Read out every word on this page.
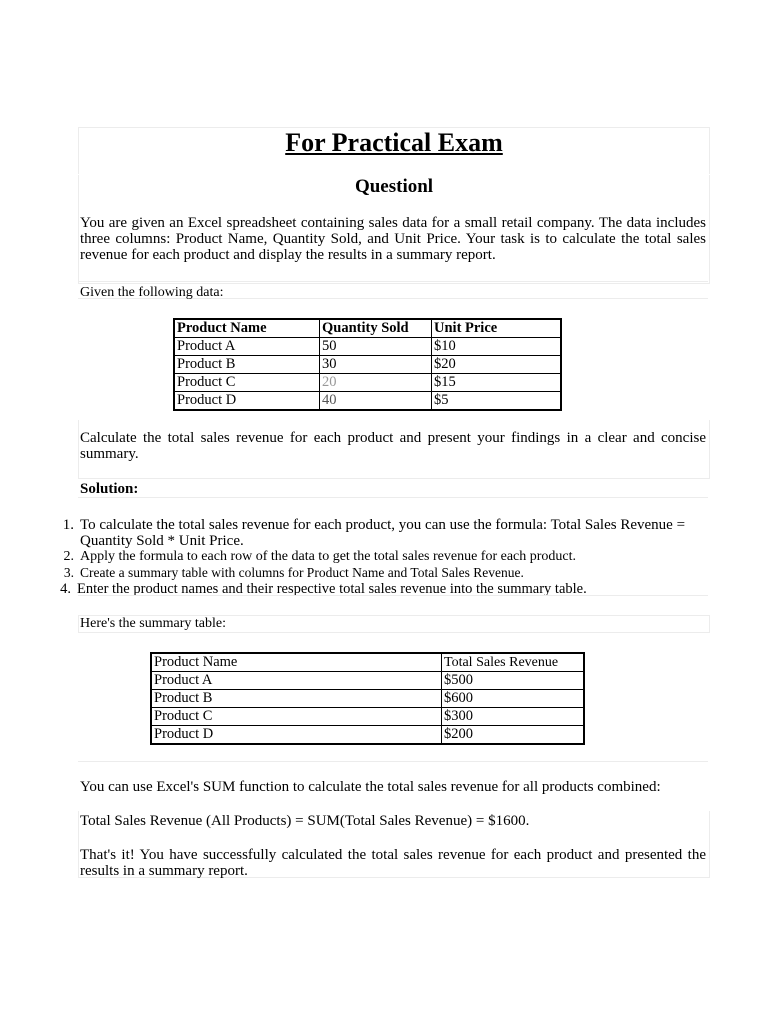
For Practical Exam
Questionl
You are given an Excel spreadsheet containing sales data for a small retail company. The data includes three columns: Product Name, Quantity Sold, and Unit Price. Your task is to calculate the total sales revenue for each product and display the results in a summary report.
Given the following data:
Product Name	Quantity Sold	Unit Price
Product A	50	$10
Product B	30	$20
Product C	20	$15
Product D	40	$5
Calculate the total sales revenue for each product and present your findings in a clear and concise summary.
Solution:
1. To calculate the total sales revenue for each product, you can use the formula: Total Sales Revenue = Quantity Sold * Unit Price.
2. Apply the formula to each row of the data to get the total sales revenue for each product.
3. Create a summary table with columns for Product Name and Total Sales Revenue.
4. Enter the product names and their respective total sales revenue into the summary table.
Here's the summary table:
Product Name	Total Sales Revenue
Product A	$500
Product B	$600
Product C	$300
Product D	$200
You can use Excel's SUM function to calculate the total sales revenue for all products combined:
Total Sales Revenue (All Products) = SUM(Total Sales Revenue) = $1600.
That's it! You have successfully calculated the total sales revenue for each product and presented the results in a summary report.
